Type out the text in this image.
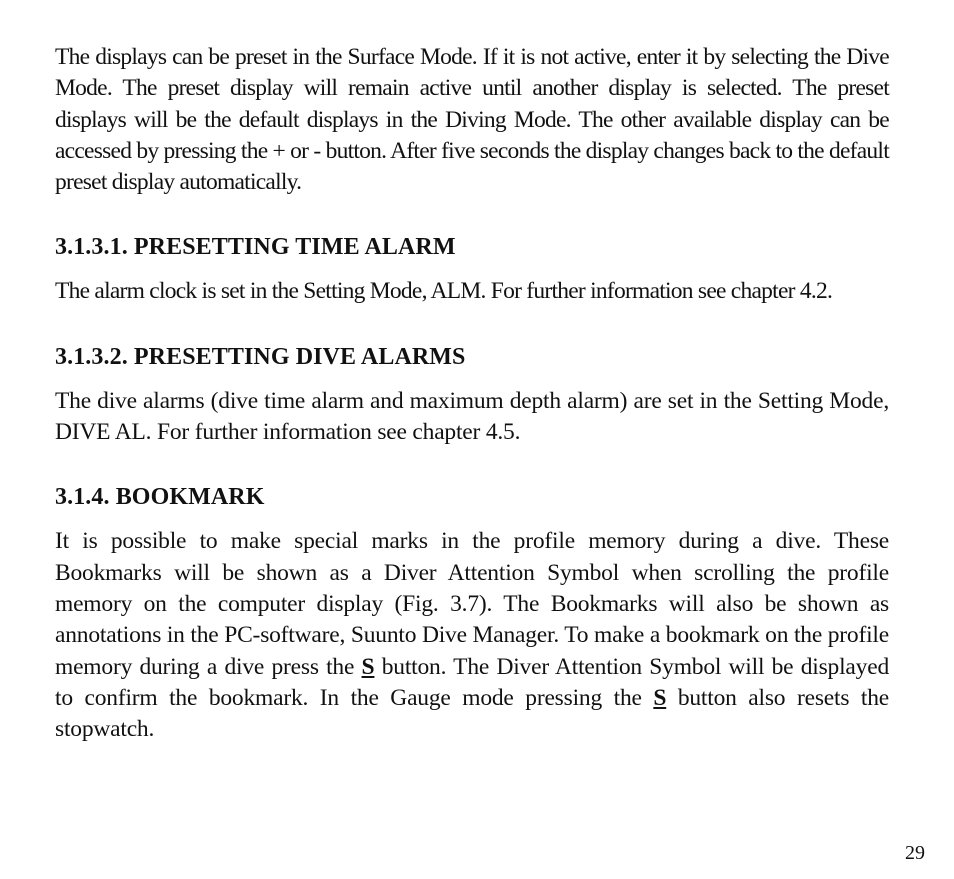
The displays can be preset in the Surface Mode. If it is not active, enter it by selecting the Dive Mode. The preset display will remain active until another display is selected. The preset displays will be the default displays in the Diving Mode. The other available display can be accessed by pressing the + or - button. After five seconds the display changes back to the default preset display automatically.

3.1.3.1. PRESETTING TIME ALARM

The alarm clock is set in the Setting Mode, ALM. For further information see chapter 4.2.

3.1.3.2. PRESETTING DIVE ALARMS

The dive alarms (dive time alarm and maximum depth alarm) are set in the Setting Mode, DIVE AL. For further information see chapter 4.5.

3.1.4. BOOKMARK

It is possible to make special marks in the profile memory during a dive. These Bookmarks will be shown as a Diver Attention Symbol when scrolling the profile memory on the computer display (Fig. 3.7). The Bookmarks will also be shown as annotations in the PC-software, Suunto Dive Manager. To make a bookmark on the profile memory during a dive press the S button. The Diver Attention Symbol will be displayed to confirm the bookmark. In the Gauge mode pressing the S button also resets the stopwatch.

29
